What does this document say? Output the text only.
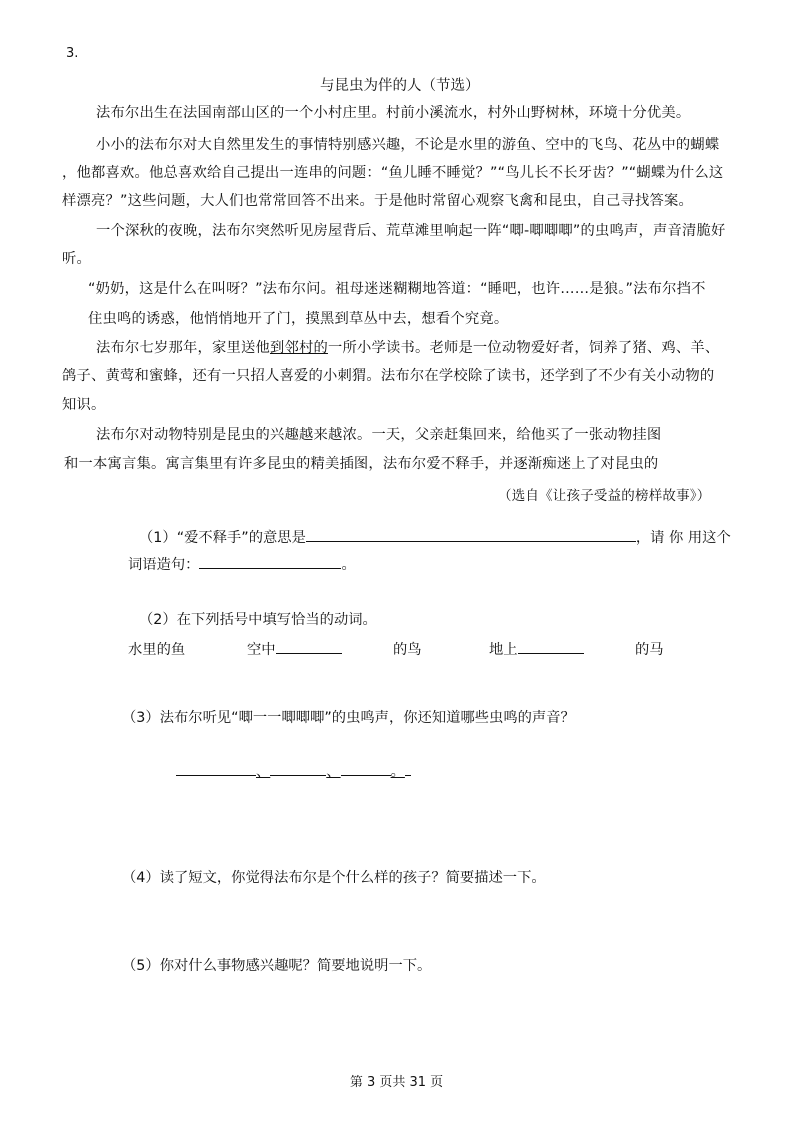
3.
与昆虫为伴的人（节选）
法布尔出生在法国南部山区的一个小村庄里。村前小溪流水，村外山野树林，环境十分优美。
小小的法布尔对大自然里发生的事情特别感兴趣，不论是水里的游鱼、空中的飞鸟、花丛中的蝴蝶
，他都喜欢。他总喜欢给自己提出一连串的问题：“鱼儿睡不睡觉？”“鸟儿长不长牙齿？”“蝴蝶为什么这
样漂亮？”这些问题，大人们也常常回答不出来。于是他时常留心观察飞禽和昆虫，自己寻找答案。
一个深秋的夜晚，法布尔突然听见房屋背后、荒草滩里响起一阵“唧-唧唧唧”的虫鸣声，声音清脆好
听。
“奶奶，这是什么在叫呀？”法布尔问。祖母迷迷糊糊地答道：“睡吧，也许……是狼。”法布尔挡不
住虫鸣的诱惑，他悄悄地开了门，摸黑到草丛中去，想看个究竟。
法布尔七岁那年，家里送他到邻村的一所小学读书。老师是一位动物爱好者，饲养了猪、鸡、羊、
鸽子、黄莺和蜜蜂，还有一只招人喜爱的小刺猬。法布尔在学校除了读书，还学到了不少有关小动物的
知识。
法布尔对动物特别是昆虫的兴趣越来越浓。一天，父亲赶集回来，给他买了一张动物挂图
和一本寓言集。寓言集里有许多昆虫的精美插图，法布尔爱不释手，并逐渐痴迷上了对昆虫的
（选自《让孩子受益的榜样故事》）
（1）“爱不释手”的意思是	，请 你 用这个
词语造句：	。
（2）在下列括号中填写恰当的动词。
水里的鱼	空中	的鸟	地上	的马
（3）法布尔听见“唧一一唧唧唧”的虫鸣声，你还知道哪些虫鸣的声音？
、	、	。
（4）读了短文，你觉得法布尔是个什么样的孩子？简要描述一下。
（5）你对什么事物感兴趣呢？简要地说明一下。
第 3 页共 31 页
